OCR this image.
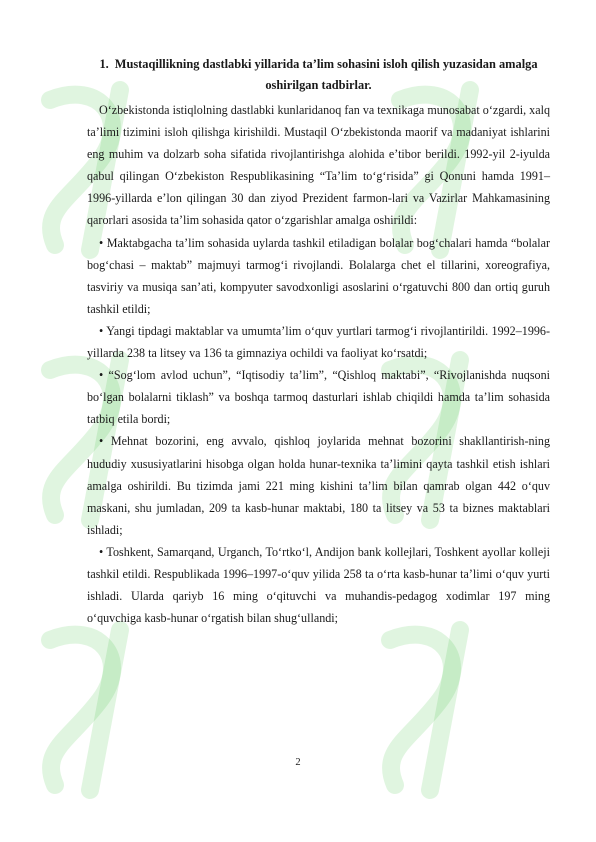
1. Mustaqillikning dastlabki yillarida ta’lim sohasini isloh qilish yuzasidan amalga oshirilgan tadbirlar.

O‘zbekistonda istiqlolning dastlabki kunlaridanoq fan va texnikaga munosabat o‘zgardi, xalq ta’limi tizimini isloh qilishga kirishildi. Mustaqil O‘zbekistonda maorif va madaniyat ishlarini eng muhim va dolzarb soha sifatida rivojlantirishga alohida e’tibor berildi. 1992-yil 2-iyulda qabul qilingan O‘zbekiston Respublikasining “Ta’lim to‘g‘risida” gi Qonuni hamda 1991–1996-yillarda e’lon qilingan 30 dan ziyod Prezident farmon-lari va Vazirlar Mahkamasining qarorlari asosida ta’lim sohasida qator o‘zgarishlar amalga oshirildi:

• Maktabgacha ta’lim sohasida uylarda tashkil etiladigan bolalar bog‘chalari hamda “bolalar bog‘chasi – maktab” majmuyi tarmog‘i rivojlandi. Bolalarga chet el tillarini, xoreografiya, tasviriy va musiqa san’ati, kompyuter savodxonligi asoslarini o‘rgatuvchi 800 dan ortiq guruh tashkil etildi;

• Yangi tipdagi maktablar va umumta’lim o‘quv yurtlari tarmog‘i rivojlantirildi. 1992–1996-yillarda 238 ta litsey va 136 ta gimnaziya ochildi va faoliyat ko‘rsatdi;

• “Sog‘lom avlod uchun”, “Iqtisodiy ta’lim”, “Qishloq maktabi”, “Rivojlanishda nuqsoni bo‘lgan bolalarni tiklash” va boshqa tarmoq dasturlari ishlab chiqildi hamda ta’lim sohasida tatbiq etila bordi;

• Mehnat bozorini, eng avvalo, qishloq joylarida mehnat bozorini shakllantirish-ning hududiy xususiyatlarini hisobga olgan holda hunar-texnika ta’limini qayta tashkil etish ishlari amalga oshirildi. Bu tizimda jami 221 ming kishini ta’lim bilan qamrab olgan 442 o‘quv maskani, shu jumladan, 209 ta kasb-hunar maktabi, 180 ta litsey va 53 ta biznes maktablari ishladi;

• Toshkent, Samarqand, Urganch, To‘rtko‘l, Andijon bank kollejlari, Toshkent ayollar kolleji tashkil etildi. Respublikada 1996–1997-o‘quv yilida 258 ta o‘rta kasb-hunar ta’limi o‘quv yurti ishladi. Ularda qariyb 16 ming o‘qituvchi va muhandis-pedagog xodimlar 197 ming o‘quvchiga kasb-hunar o‘rgatish bilan shug‘ullandi;

2
